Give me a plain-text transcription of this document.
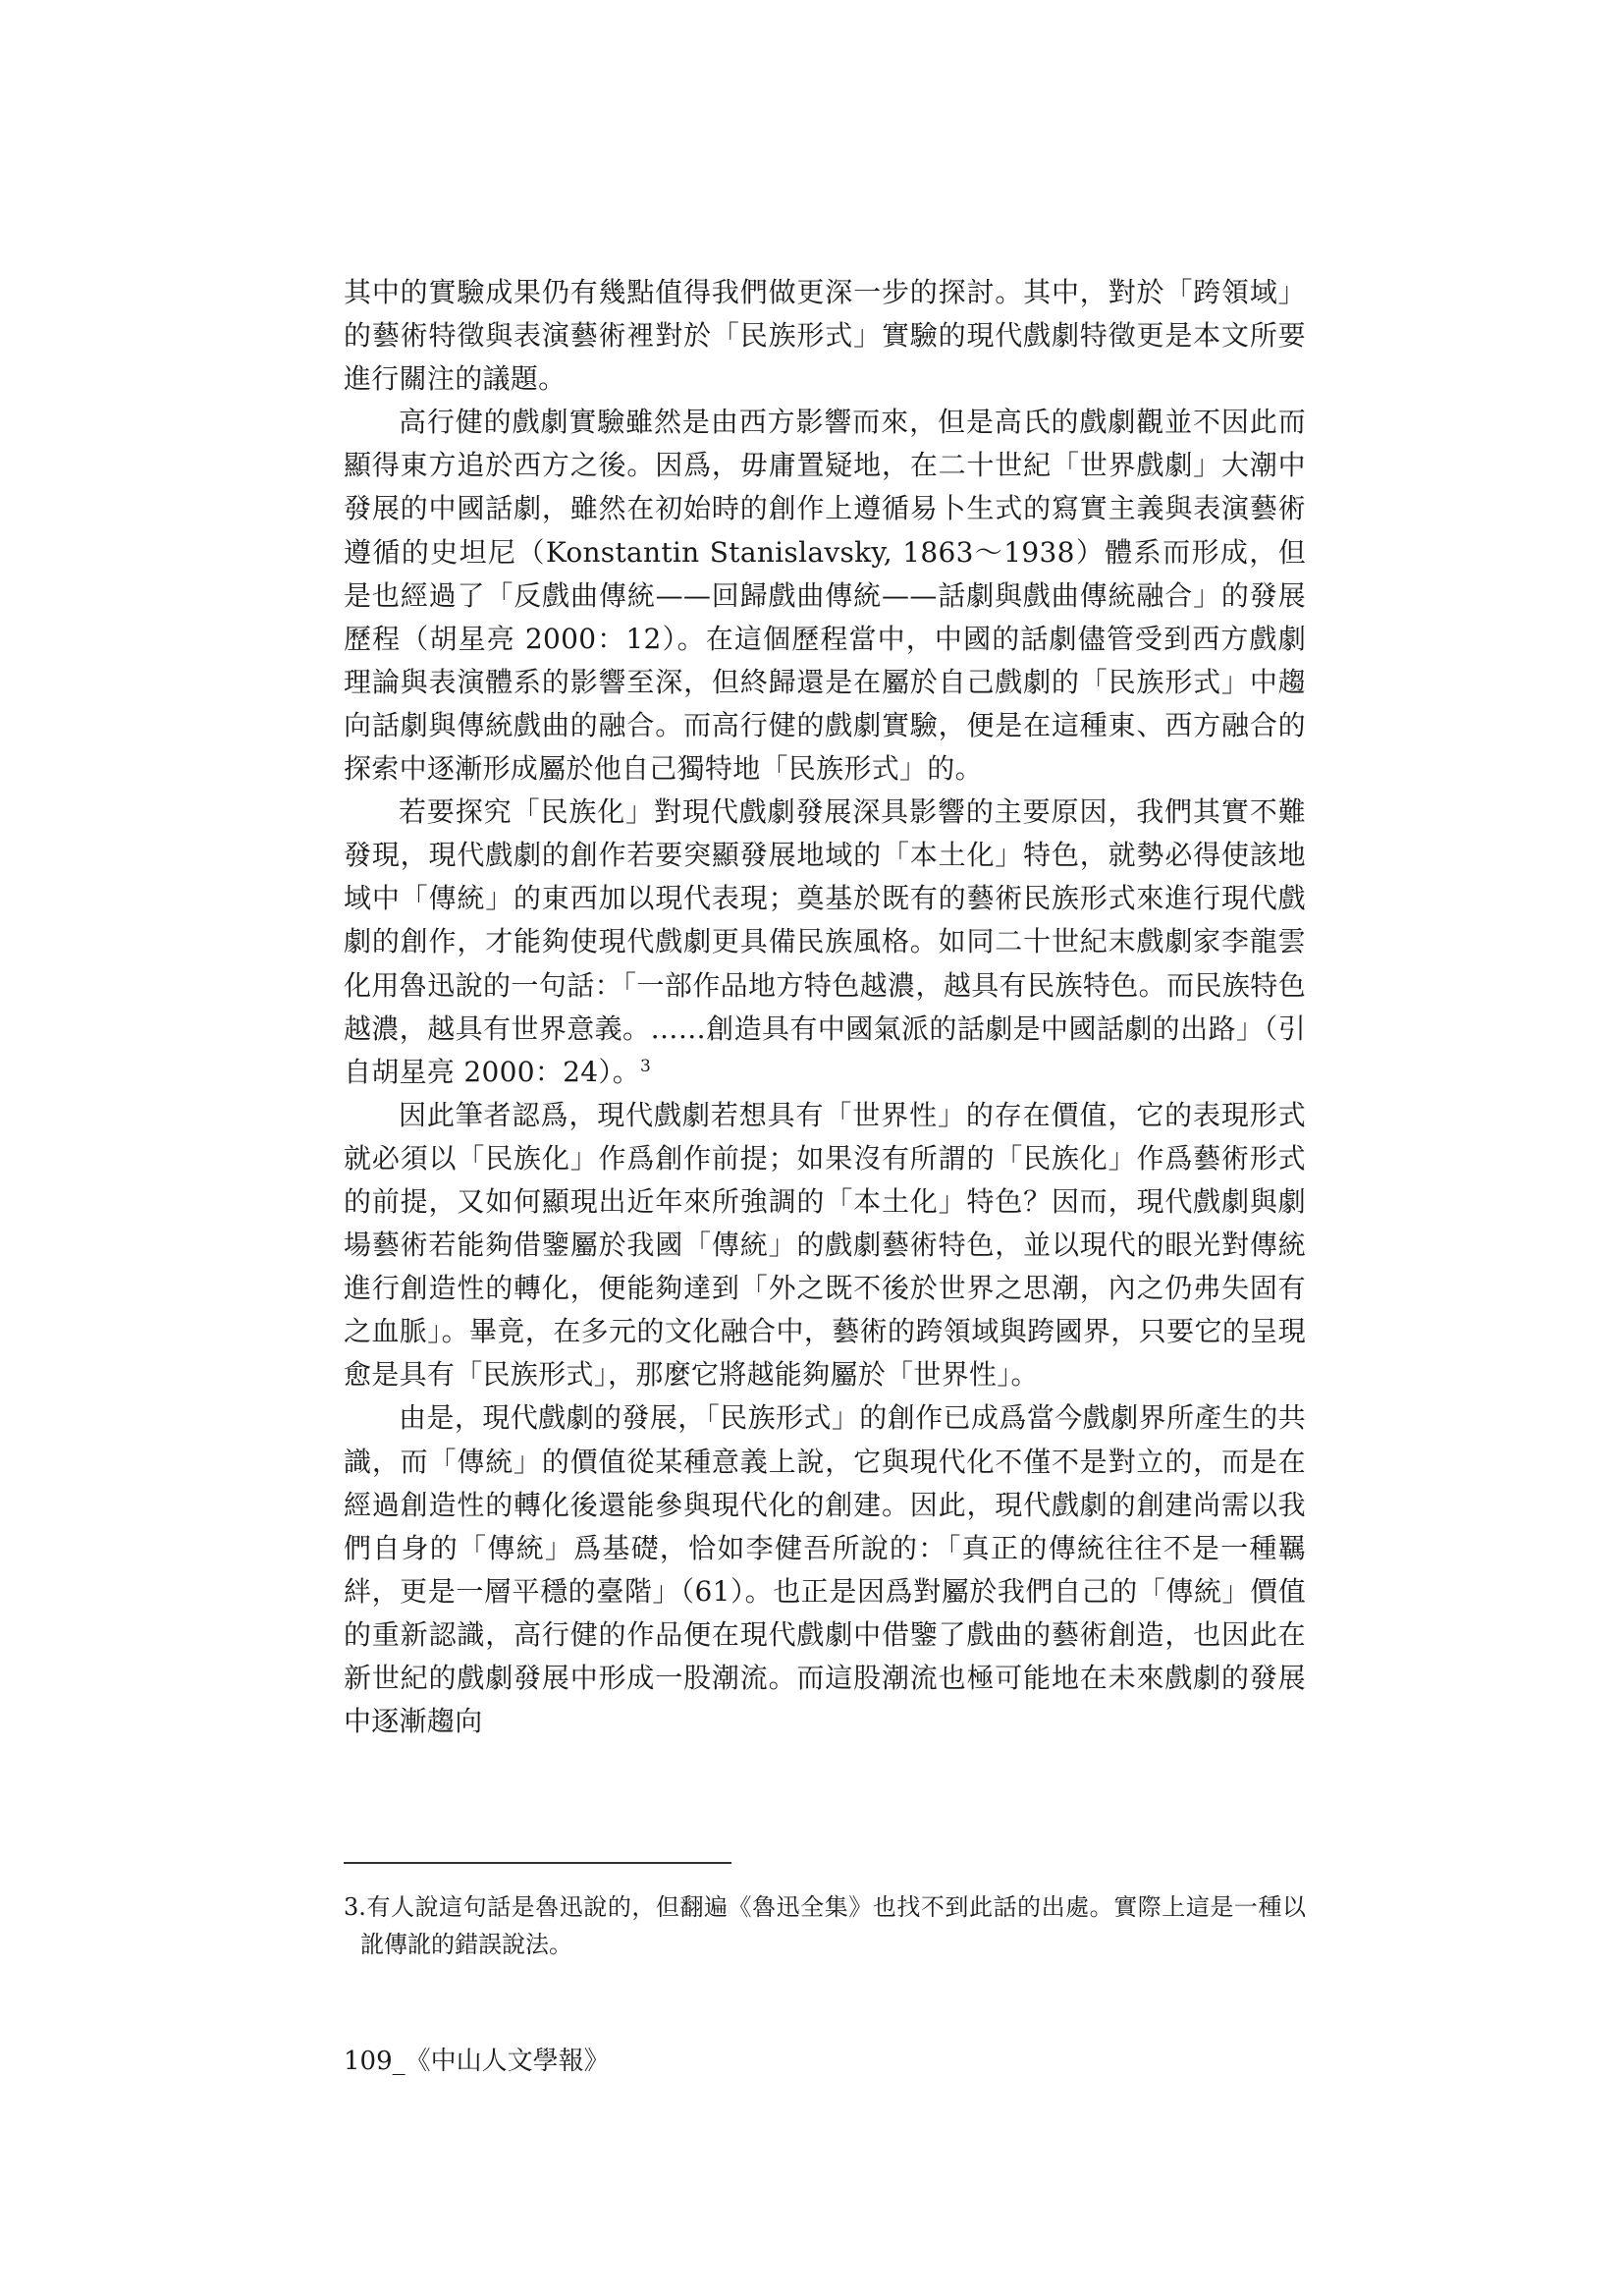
其中的實驗成果仍有幾點值得我們做更深一步的探討。其中，對於「跨領域」的藝術特徵與表演藝術裡對於「民族形式」實驗的現代戲劇特徵更是本文所要進行關注的議題。

高行健的戲劇實驗雖然是由西方影響而來，但是高氏的戲劇觀並不因此而顯得東方追於西方之後。因爲，毋庸置疑地，在二十世紀「世界戲劇」大潮中發展的中國話劇，雖然在初始時的創作上遵循易卜生式的寫實主義與表演藝術遵循的史坦尼（Konstantin Stanislavsky, 1863～1938）體系而形成，但是也經過了「反戲曲傳統——回歸戲曲傳統——話劇與戲曲傳統融合」的發展歷程（胡星亮 2000：12）。在這個歷程當中，中國的話劇儘管受到西方戲劇理論與表演體系的影響至深，但終歸還是在屬於自己戲劇的「民族形式」中趨向話劇與傳統戲曲的融合。而高行健的戲劇實驗，便是在這種東、西方融合的探索中逐漸形成屬於他自己獨特地「民族形式」的。

若要探究「民族化」對現代戲劇發展深具影響的主要原因，我們其實不難發現，現代戲劇的創作若要突顯發展地域的「本土化」特色，就勢必得使該地域中「傳統」的東西加以現代表現；奠基於既有的藝術民族形式來進行現代戲劇的創作，才能夠使現代戲劇更具備民族風格。如同二十世紀末戲劇家李龍雲化用魯迅說的一句話：「一部作品地方特色越濃，越具有民族特色。而民族特色越濃，越具有世界意義。……創造具有中國氣派的話劇是中國話劇的出路」（引自胡星亮 2000：24）。$^3$

因此筆者認爲，現代戲劇若想具有「世界性」的存在價值，它的表現形式就必須以「民族化」作爲創作前提；如果沒有所謂的「民族化」作爲藝術形式的前提，又如何顯現出近年來所強調的「本土化」特色？因而，現代戲劇與劇場藝術若能夠借鑒屬於我國「傳統」的戲劇藝術特色，並以現代的眼光對傳統進行創造性的轉化，便能夠達到「外之既不後於世界之思潮，內之仍弗失固有之血脈」。畢竟，在多元的文化融合中，藝術的跨領域與跨國界，只要它的呈現愈是具有「民族形式」，那麼它將越能夠屬於「世界性」。

由是，現代戲劇的發展，「民族形式」的創作已成爲當今戲劇界所產生的共識，而「傳統」的價值從某種意義上說，它與現代化不僅不是對立的，而是在經過創造性的轉化後還能參與現代化的創建。因此，現代戲劇的創建尚需以我們自身的「傳統」爲基礎，恰如李健吾所說的：「真正的傳統往往不是一種羈絆，更是一層平穩的臺階」（61）。也正是因爲對屬於我們自己的「傳統」價值的重新認識，高行健的作品便在現代戲劇中借鑒了戲曲的藝術創造，也因此在新世紀的戲劇發展中形成一股潮流。而這股潮流也極可能地在未來戲劇的發展中逐漸趨向

3.有人說這句話是魯迅說的，但翻遍《魯迅全集》也找不到此話的出處。實際上這是一種以訛傳訛的錯誤說法。
109_《中山人文學報》
